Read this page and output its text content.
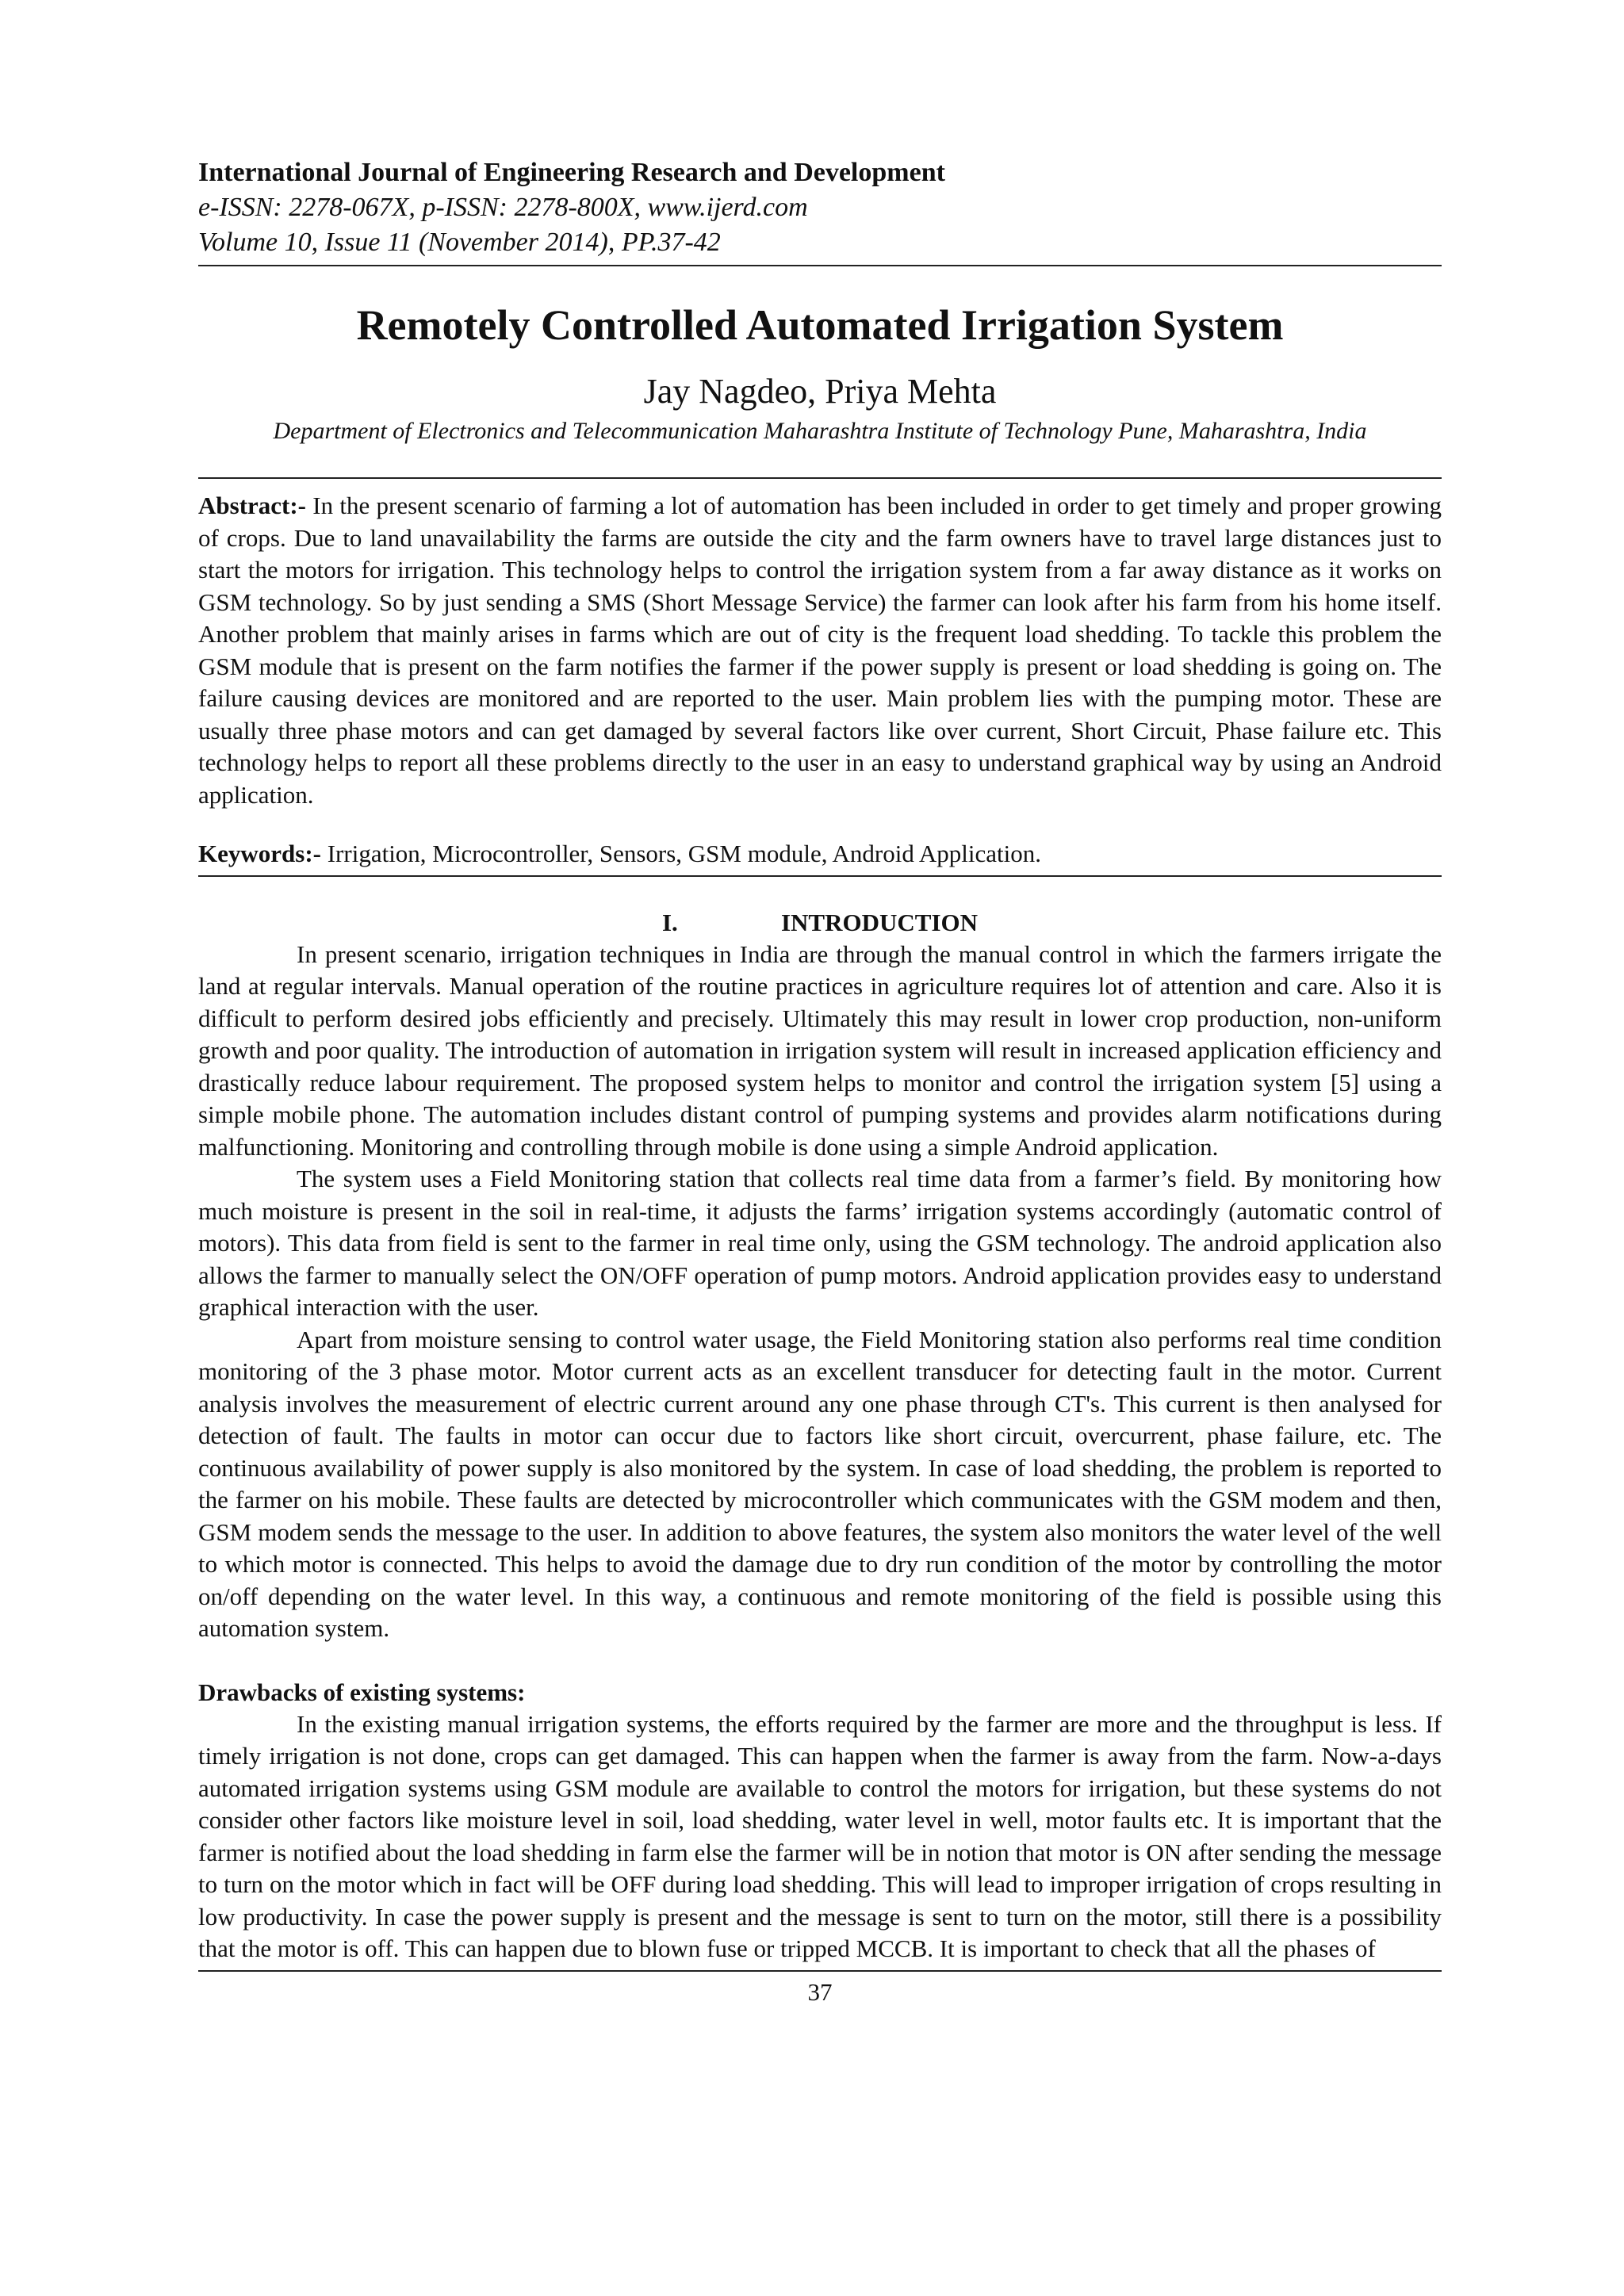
International Journal of Engineering Research and Development
e-ISSN: 2278-067X, p-ISSN: 2278-800X, www.ijerd.com
Volume 10, Issue 11 (November 2014), PP.37-42
Remotely Controlled Automated Irrigation System
Jay Nagdeo, Priya Mehta
Department of Electronics and Telecommunication Maharashtra Institute of Technology Pune, Maharashtra, India

Abstract:- In the present scenario of farming a lot of automation has been included in order to get timely and proper growing of crops. Due to land unavailability the farms are outside the city and the farm owners have to travel large distances just to start the motors for irrigation. This technology helps to control the irrigation system from a far away distance as it works on GSM technology. So by just sending a SMS (Short Message Service) the farmer can look after his farm from his home itself. Another problem that mainly arises in farms which are out of city is the frequent load shedding. To tackle this problem the GSM module that is present on the farm notifies the farmer if the power supply is present or load shedding is going on. The failure causing devices are monitored and are reported to the user. Main problem lies with the pumping motor. These are usually three phase motors and can get damaged by several factors like over current, Short Circuit, Phase failure etc. This technology helps to report all these problems directly to the user in an easy to understand graphical way by using an Android application.

Keywords:- Irrigation, Microcontroller, Sensors, GSM module, Android Application.

I.	INTRODUCTION

In present scenario, irrigation techniques in India are through the manual control in which the farmers irrigate the land at regular intervals. Manual operation of the routine practices in agriculture requires lot of attention and care. Also it is difficult to perform desired jobs efficiently and precisely. Ultimately this may result in lower crop production, non-uniform growth and poor quality. The introduction of automation in irrigation system will result in increased application efficiency and drastically reduce labour requirement. The proposed system helps to monitor and control the irrigation system [5] using a simple mobile phone. The automation includes distant control of pumping systems and provides alarm notifications during malfunctioning. Monitoring and controlling through mobile is done using a simple Android application.

The system uses a Field Monitoring station that collects real time data from a farmer’s field. By monitoring how much moisture is present in the soil in real-time, it adjusts the farms’ irrigation systems accordingly (automatic control of motors). This data from field is sent to the farmer in real time only, using the GSM technology. The android application also allows the farmer to manually select the ON/OFF operation of pump motors. Android application provides easy to understand graphical interaction with the user.

Apart from moisture sensing to control water usage, the Field Monitoring station also performs real time condition monitoring of the 3 phase motor. Motor current acts as an excellent transducer for detecting fault in the motor. Current analysis involves the measurement of electric current around any one phase through CT's. This current is then analysed for detection of fault. The faults in motor can occur due to factors like short circuit, overcurrent, phase failure, etc. The continuous availability of power supply is also monitored by the system. In case of load shedding, the problem is reported to the farmer on his mobile. These faults are detected by microcontroller which communicates with the GSM modem and then, GSM modem sends the message to the user. In addition to above features, the system also monitors the water level of the well to which motor is connected. This helps to avoid the damage due to dry run condition of the motor by controlling the motor on/off depending on the water level. In this way, a continuous and remote monitoring of the field is possible using this automation system.

Drawbacks of existing systems:

In the existing manual irrigation systems, the efforts required by the farmer are more and the throughput is less. If timely irrigation is not done, crops can get damaged. This can happen when the farmer is away from the farm. Now-a-days automated irrigation systems using GSM module are available to control the motors for irrigation, but these systems do not consider other factors like moisture level in soil, load shedding, water level in well, motor faults etc. It is important that the farmer is notified about the load shedding in farm else the farmer will be in notion that motor is ON after sending the message to turn on the motor which in fact will be OFF during load shedding. This will lead to improper irrigation of crops resulting in low productivity. In case the power supply is present and the message is sent to turn on the motor, still there is a possibility that the motor is off. This can happen due to blown fuse or tripped MCCB. It is important to check that all the phases of

37
